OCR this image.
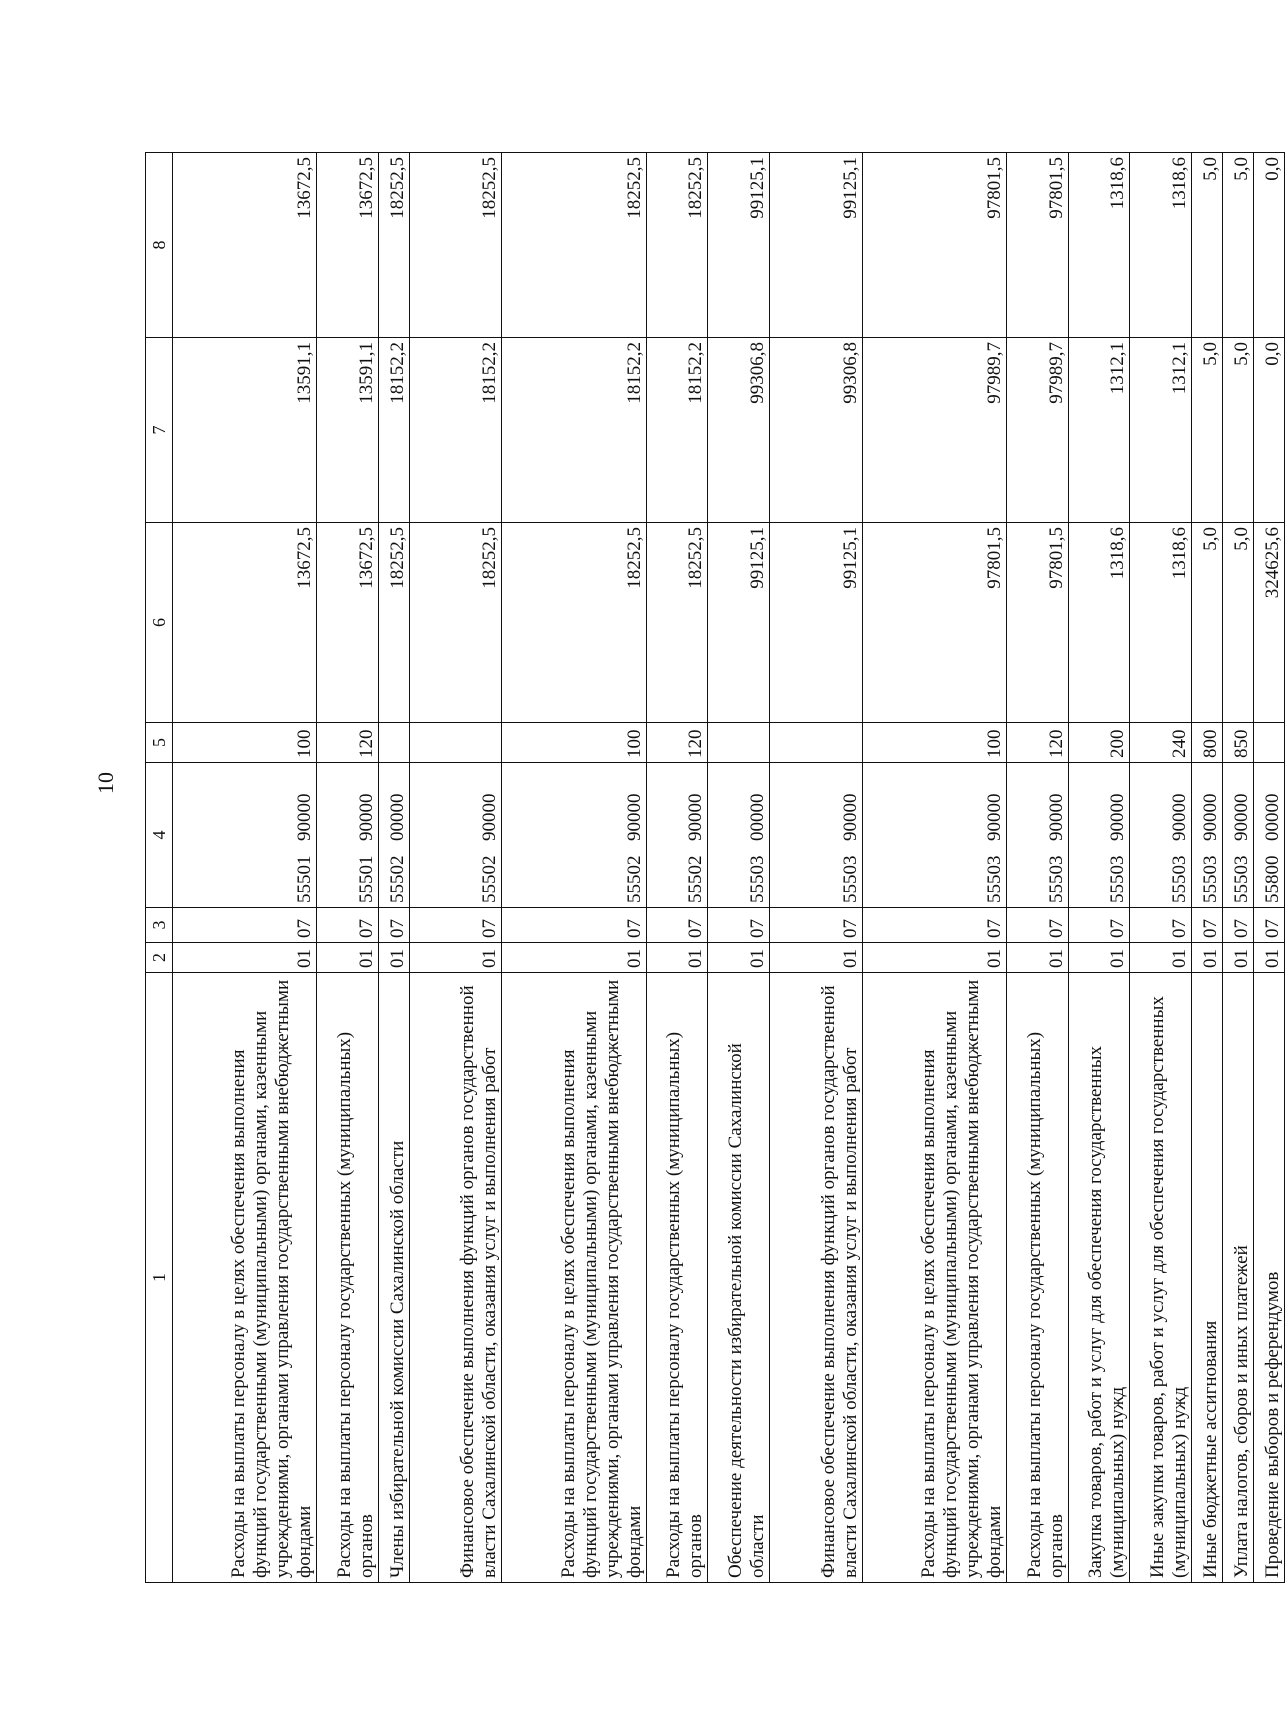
10
1	2	3	4	5	6	7	8
Расходы на выплаты персоналу в целях обеспечения выполнения функций государственными (муниципальными) органами, казенными учреждениями, органами управления государственными внебюджетными фондами	01	07	5550190000	100	13672,5	13591,1	13672,5
Расходы на выплаты персоналу государственных (муниципальных) органов	01	07	5550190000	120	13672,5	13591,1	13672,5
Члены избирательной комиссии Сахалинской области	01	07	5550200000		18252,5	18152,2	18252,5
Финансовое обеспечение выполнения функций органов государственной власти Сахалинской области, оказания услуг и выполнения работ	01	07	5550290000		18252,5	18152,2	18252,5
Расходы на выплаты персоналу в целях обеспечения выполнения функций государственными (муниципальными) органами, казенными учреждениями, органами управления государственными внебюджетными фондами	01	07	5550290000	100	18252,5	18152,2	18252,5
Расходы на выплаты персоналу государственных (муниципальных) органов	01	07	5550290000	120	18252,5	18152,2	18252,5
Обеспечение деятельности избирательной комиссии Сахалинской области	01	07	5550300000		99125,1	99306,8	99125,1
Финансовое обеспечение выполнения функций органов государственной власти Сахалинской области, оказания услуг и выполнения работ	01	07	5550390000		99125,1	99306,8	99125,1
Расходы на выплаты персоналу в целях обеспечения выполнения функций государственными (муниципальными) органами, казенными учреждениями, органами управления государственными внебюджетными фондами	01	07	5550390000	100	97801,5	97989,7	97801,5
Расходы на выплаты персоналу государственных (муниципальных) органов	01	07	5550390000	120	97801,5	97989,7	97801,5
Закупка товаров, работ и услуг для обеспечения государственных (муниципальных) нужд	01	07	5550390000	200	1318,6	1312,1	1318,6
Иные закупки товаров, работ и услуг для обеспечения государственных (муниципальных) нужд	01	07	5550390000	240	1318,6	1312,1	1318,6
Иные бюджетные ассигнования	01	07	5550390000	800	5,0	5,0	5,0
Уплата налогов, сборов и иных платежей	01	07	5550390000	850	5,0	5,0	5,0
Проведение выборов и референдумов	01	07	5580000000		324625,6	0,0	0,0
